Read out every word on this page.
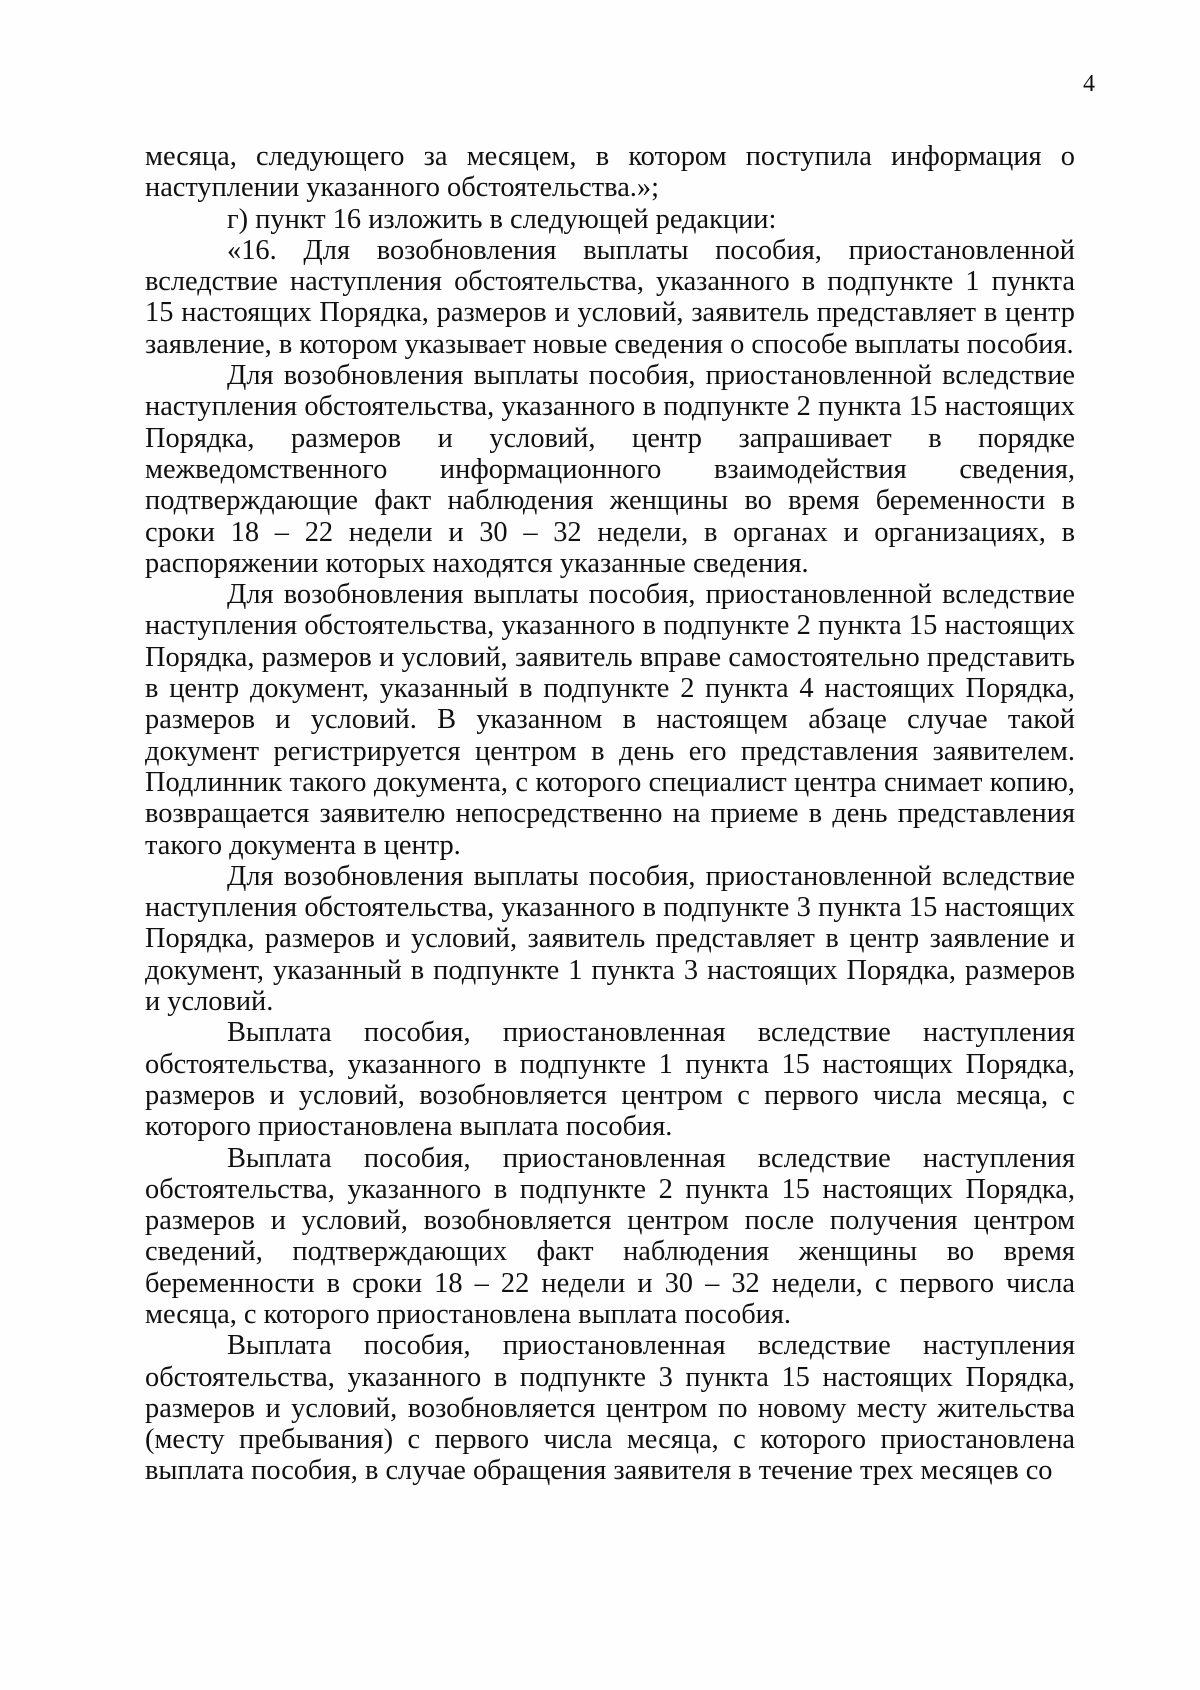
4

месяца, следующего за месяцем, в котором поступила информация о наступлении указанного обстоятельства.»;

г) пункт 16 изложить в следующей редакции:

«16. Для возобновления выплаты пособия, приостановленной вследствие наступления обстоятельства, указанного в подпункте 1 пункта 15 настоящих Порядка, размеров и условий, заявитель представляет в центр заявление, в котором указывает новые сведения о способе выплаты пособия.

Для возобновления выплаты пособия, приостановленной вследствие наступления обстоятельства, указанного в подпункте 2 пункта 15 настоящих Порядка, размеров и условий, центр запрашивает в порядке межведомственного информационного взаимодействия сведения, подтверждающие факт наблюдения женщины во время беременности в сроки 18 – 22 недели и 30 – 32 недели, в органах и организациях, в распоряжении которых находятся указанные сведения.

Для возобновления выплаты пособия, приостановленной вследствие наступления обстоятельства, указанного в подпункте 2 пункта 15 настоящих Порядка, размеров и условий, заявитель вправе самостоятельно представить в центр документ, указанный в подпункте 2 пункта 4 настоящих Порядка, размеров и условий. В указанном в настоящем абзаце случае такой документ регистрируется центром в день его представления заявителем. Подлинник такого документа, с которого специалист центра снимает копию, возвращается заявителю непосредственно на приеме в день представления такого документа в центр.

Для возобновления выплаты пособия, приостановленной вследствие наступления обстоятельства, указанного в подпункте 3 пункта 15 настоящих Порядка, размеров и условий, заявитель представляет в центр заявление и документ, указанный в подпункте 1 пункта 3 настоящих Порядка, размеров и условий.

Выплата пособия, приостановленная вследствие наступления обстоятельства, указанного в подпункте 1 пункта 15 настоящих Порядка, размеров и условий, возобновляется центром с первого числа месяца, с которого приостановлена выплата пособия.

Выплата пособия, приостановленная вследствие наступления обстоятельства, указанного в подпункте 2 пункта 15 настоящих Порядка, размеров и условий, возобновляется центром после получения центром сведений, подтверждающих факт наблюдения женщины во время беременности в сроки 18 – 22 недели и 30 – 32 недели, с первого числа месяца, с которого приостановлена выплата пособия.

Выплата пособия, приостановленная вследствие наступления обстоятельства, указанного в подпункте 3 пункта 15 настоящих Порядка, размеров и условий, возобновляется центром по новому месту жительства (месту пребывания) с первого числа месяца, с которого приостановлена выплата пособия, в случае обращения заявителя в течение трех месяцев со
